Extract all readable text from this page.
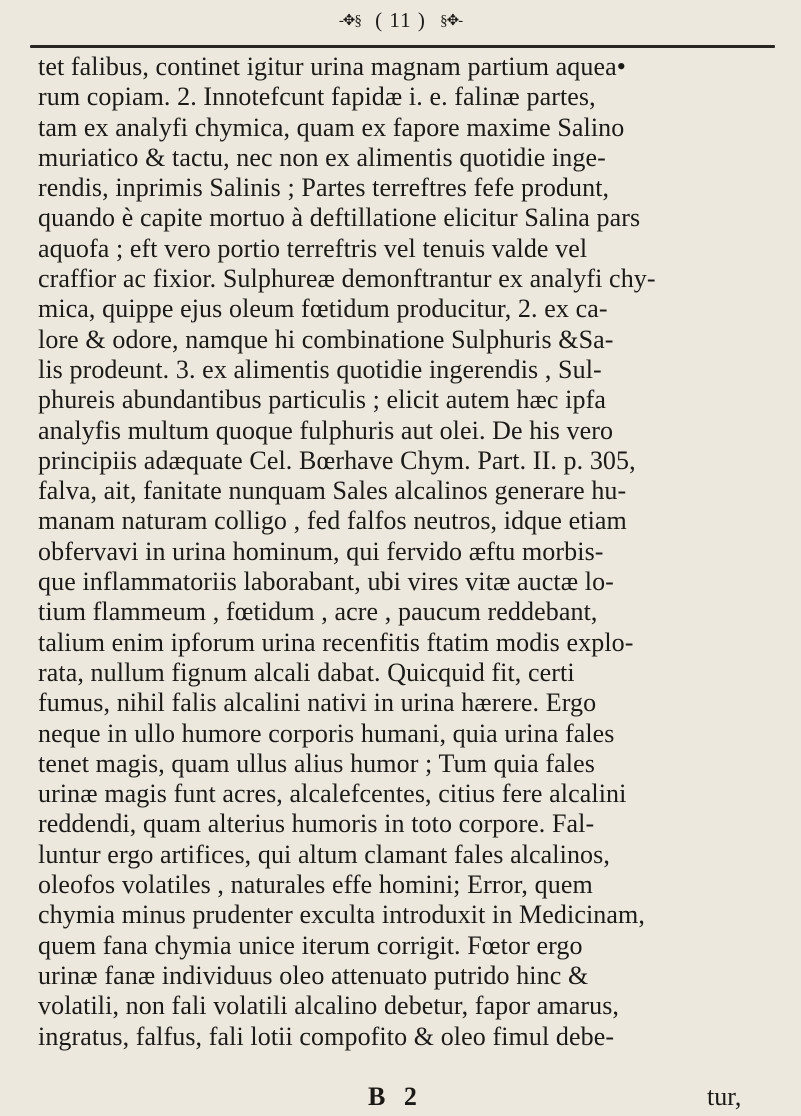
-✥§ ( 11 ) §✥-
tet falibus, continet igitur urina magnam partium aquea•
rum copiam. 2. Innotefcunt fapidæ i. e. falinæ partes,
tam ex analyfi chymica, quam ex fapore maxime Salino
muriatico & tactu, nec non ex alimentis quotidie inge-
rendis, inprimis Salinis ; Partes terreftres fefe produnt,
quando è capite mortuo à deftillatione elicitur Salina pars
aquofa ; eft vero portio terreftris vel tenuis valde vel
craffior ac fixior. Sulphureæ demonftrantur ex analyfi chy-
mica, quippe ejus oleum fœtidum producitur, 2. ex ca-
lore & odore, namque hi combinatione Sulphuris &Sa-
lis prodeunt. 3. ex alimentis quotidie ingerendis , Sul-
phureis abundantibus particulis ; elicit autem hæc ipfa
analyfis multum quoque fulphuris aut olei. De his vero
principiis adæquate Cel. Bœrhave Chym. Part. II. p. 305,
falva, ait, fanitate nunquam Sales alcalinos generare hu-
manam naturam colligo , fed falfos neutros, idque etiam
obfervavi in urina hominum, qui fervido æftu morbis-
que inflammatoriis laborabant, ubi vires vitæ auctæ lo-
tium flammeum , fœtidum , acre , paucum reddebant,
talium enim ipforum urina recenfitis ftatim modis explo-
rata, nullum fignum alcali dabat. Quicquid fit, certi
fumus, nihil falis alcalini nativi in urina hærere. Ergo
neque in ullo humore corporis humani, quia urina fales
tenet magis, quam ullus alius humor ; Tum quia fales
urinæ magis funt acres, alcalefcentes, citius fere alcalini
reddendi, quam alterius humoris in toto corpore. Fal-
luntur ergo artifices, qui altum clamant fales alcalinos,
oleofos volatiles , naturales effe homini; Error, quem
chymia minus prudenter exculta introduxit in Medicinam,
quem fana chymia unice iterum corrigit. Fœtor ergo
urinæ fanæ individuus oleo attenuato putrido hinc &
volatili, non fali volatili alcalino debetur, fapor amarus,
ingratus, falfus, fali lotii compofito & oleo fimul debe-
B 2	tur,
